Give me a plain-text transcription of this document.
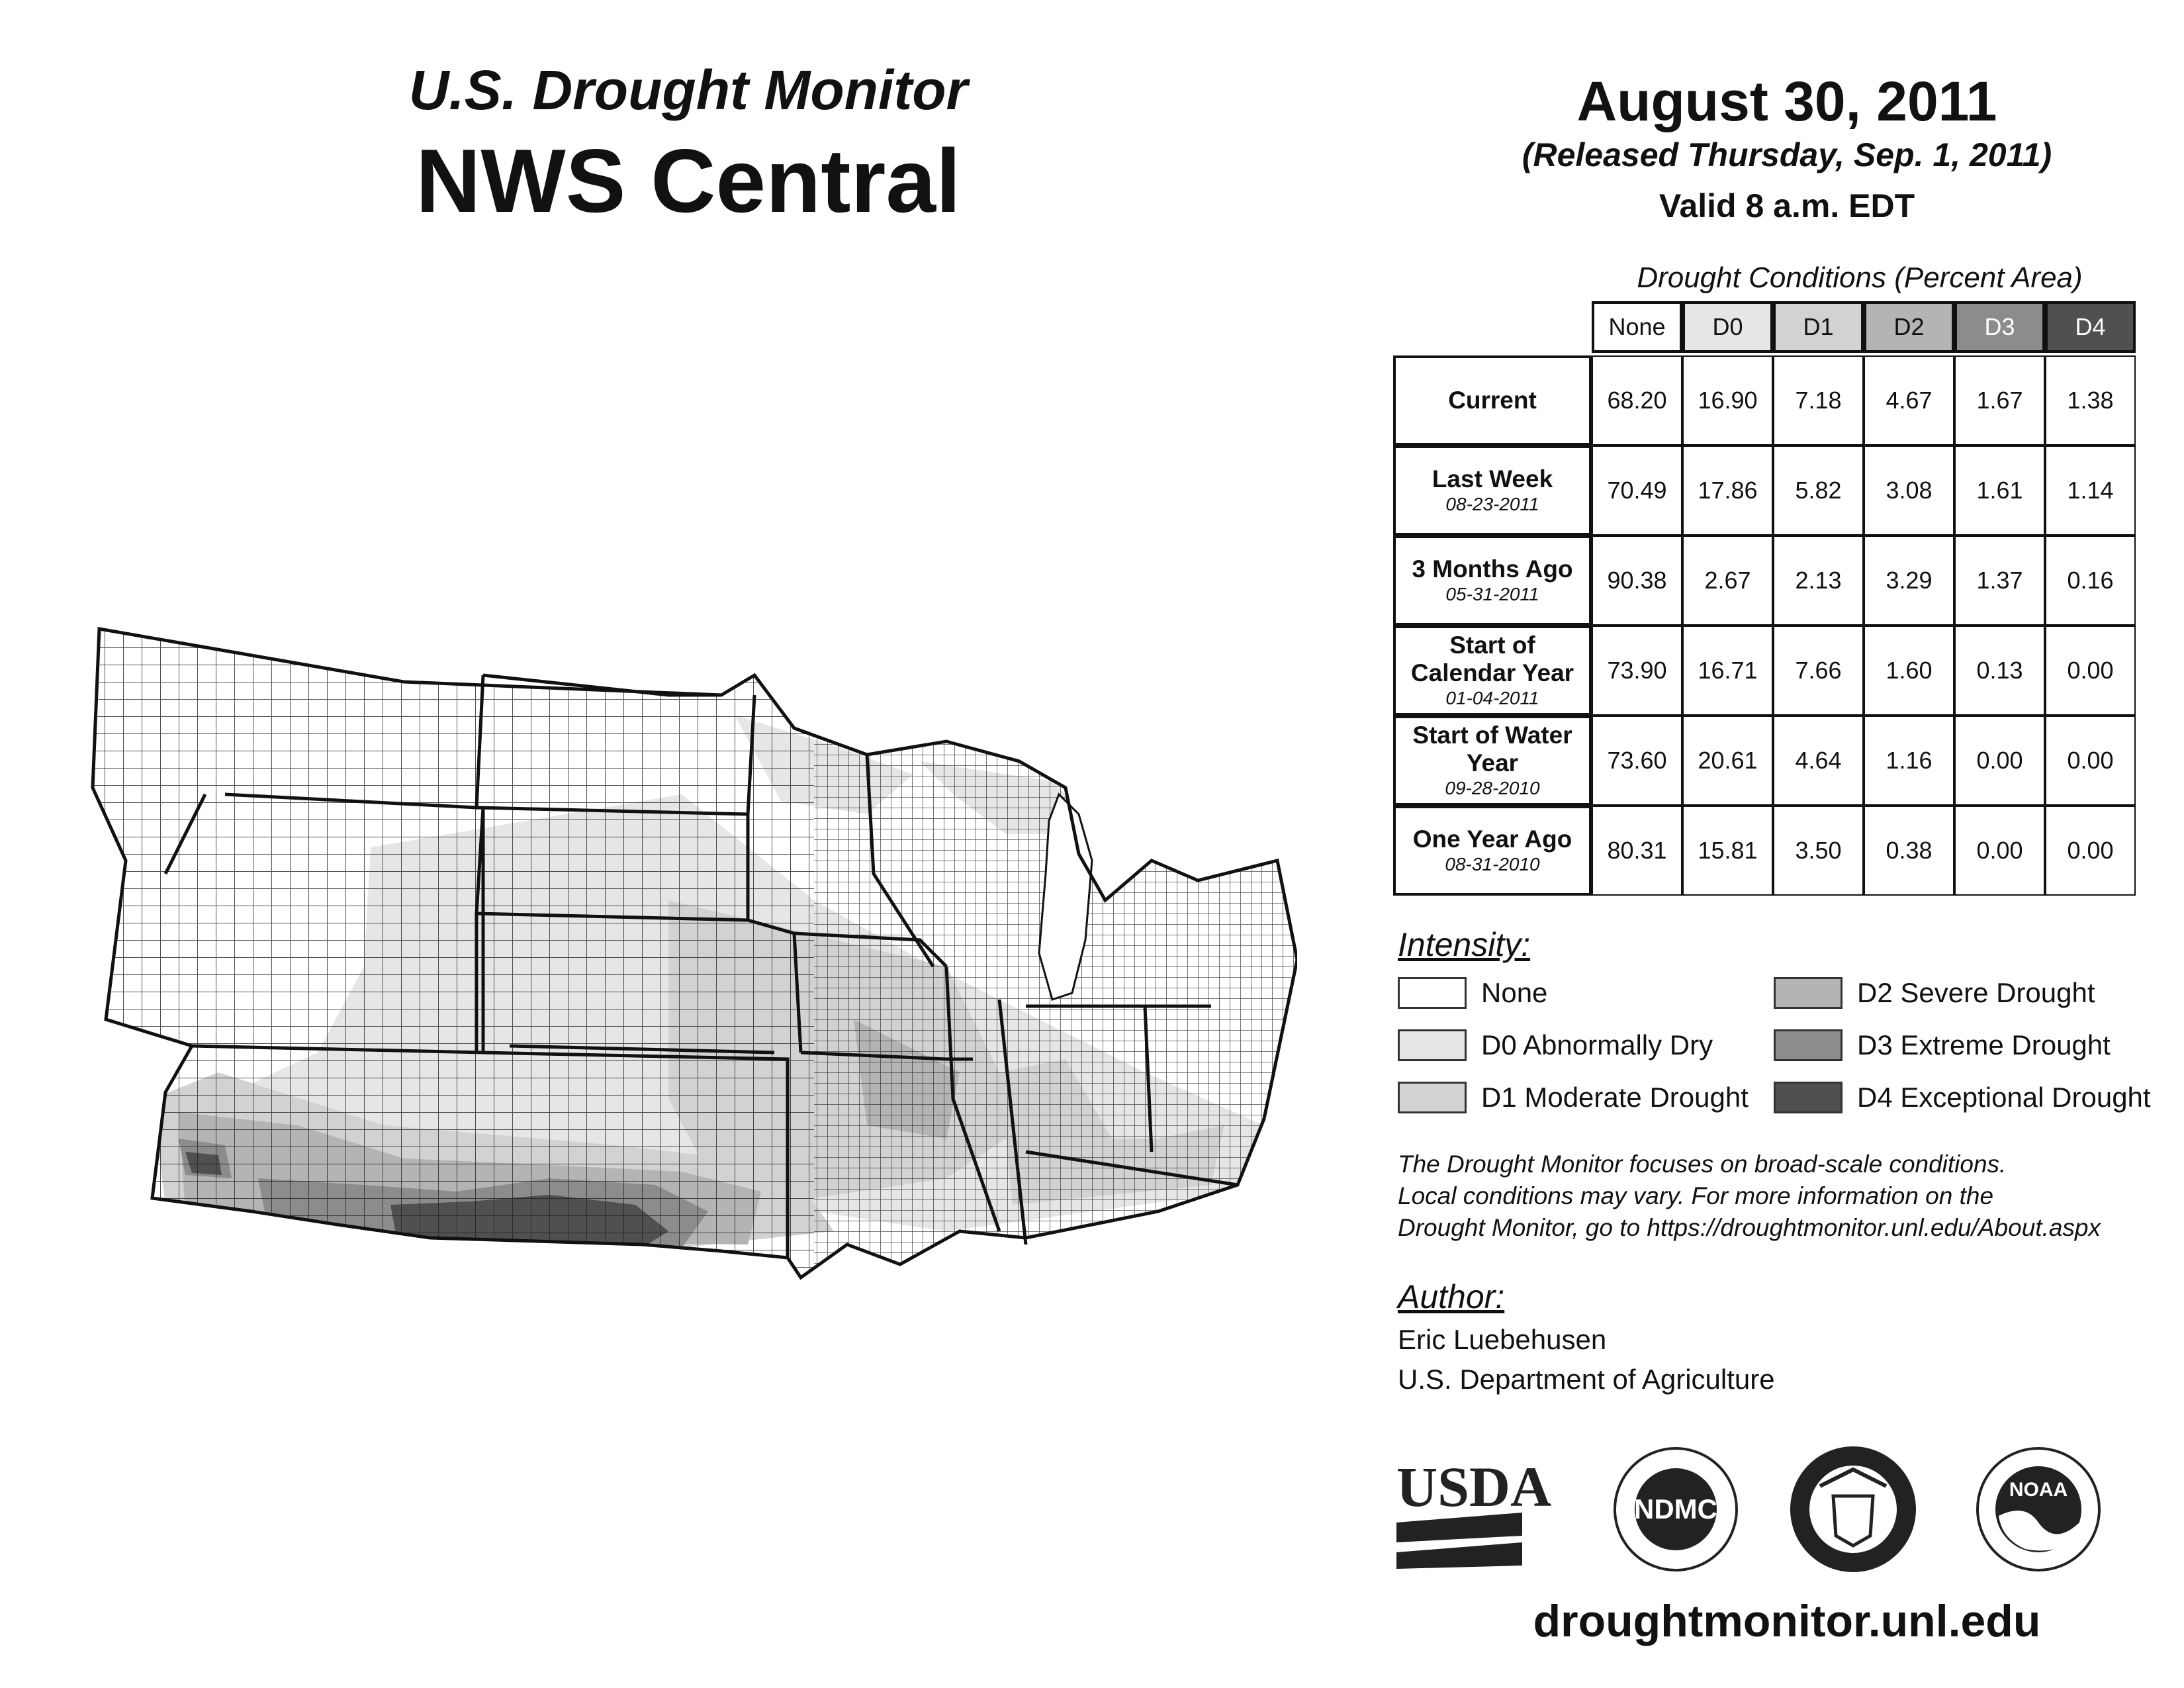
U.S. Drought Monitor
NWS Central
August 30, 2011
(Released Thursday, Sep. 1, 2011)
Valid 8 a.m. EDT
Drought Conditions (Percent Area)
None	D0	D1	D2	D3	D4
Current	68.20	16.90	7.18	4.67	1.67	1.38
Last Week
08-23-2011
70.49	17.86	5.82	3.08	1.61	1.14
3 Months Ago
05-31-2011
90.38	2.67	2.13	3.29	1.37	0.16
Start of Calendar Year
01-04-2011
73.90	16.71	7.66	1.60	0.13	0.00
Start of Water Year
09-28-2010
73.60	20.61	4.64	1.16	0.00	0.00
One Year Ago
08-31-2010
80.31	15.81	3.50	0.38	0.00	0.00
Intensity:
None
D0 Abnormally Dry
D1 Moderate Drought
D2 Severe Drought
D3 Extreme Drought
D4 Exceptional Drought
The Drought Monitor focuses on broad-scale conditions.
Local conditions may vary. For more information on the
Drought Monitor, go to https://droughtmonitor.unl.edu/About.aspx
Author:
Eric Luebehusen
U.S. Department of Agriculture
USDA	NDMC
NOAA
droughtmonitor.unl.edu
